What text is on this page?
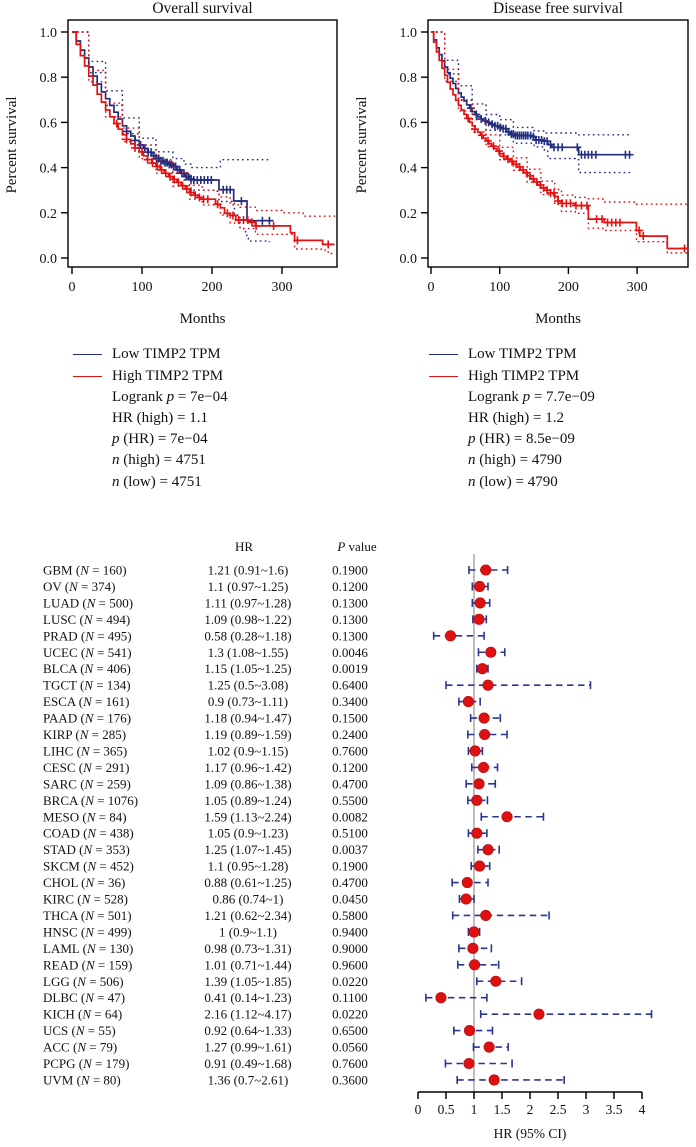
Overall survival
Months
Percent survival
1.0
0.8
0.6
0.4
0.2
0.0
0	100	200	300
Disease free survival
Months
Percent survival
1.0
0.8
0.6
0.4
0.2
0.0
0	100	200	300
Low TIMP2 TPM
High TIMP2 TPM
Logrank p = 7e−04
HR (high) = 1.1
p (HR) = 7e−04
n (high) = 4751
n (low) = 4751
Low TIMP2 TPM
High TIMP2 TPM
Logrank p = 7.7e−09
HR (high) = 1.2
p (HR) = 8.5e−09
n (high) = 4790
n (low) = 4790
HR	P value
GBM (N = 160)	1.21 (0.91~1.6)	0.1900
OV (N = 374)	1.1 (0.97~1.25)	0.1200
LUAD (N = 500)	1.11 (0.97~1.28)	0.1300
LUSC (N = 494)	1.09 (0.98~1.22)	0.1300
PRAD (N = 495)	0.58 (0.28~1.18)	0.1300
UCEC (N = 541)	1.3 (1.08~1.55)	0.0046
BLCA (N = 406)	1.15 (1.05~1.25)	0.0019
TGCT (N = 134)	1.25 (0.5~3.08)	0.6400
ESCA (N = 161)	0.9 (0.73~1.11)	0.3400
PAAD (N = 176)	1.18 (0.94~1.47)	0.1500
KIRP (N = 285)	1.19 (0.89~1.59)	0.2400
LIHC (N = 365)	1.02 (0.9~1.15)	0.7600
CESC (N = 291)	1.17 (0.96~1.42)	0.1200
SARC (N = 259)	1.09 (0.86~1.38)	0.4700
BRCA (N = 1076)	1.05 (0.89~1.24)	0.5500
MESO (N = 84)	1.59 (1.13~2.24)	0.0082
COAD (N = 438)	1.05 (0.9~1.23)	0.5100
STAD (N = 353)	1.25 (1.07~1.45)	0.0037
SKCM (N = 452)	1.1 (0.95~1.28)	0.1900
CHOL (N = 36)	0.88 (0.61~1.25)	0.4700
KIRC (N = 528)	0.86 (0.74~1)	0.0450
THCA (N = 501)	1.21 (0.62~2.34)	0.5800
HNSC (N = 499)	1 (0.9~1.1)	0.9400
LAML (N = 130)	0.98 (0.73~1.31)	0.9000
READ (N = 159)	1.01 (0.71~1.44)	0.9600
LGG (N = 506)	1.39 (1.05~1.85)	0.0220
DLBC (N = 47)	0.41 (0.14~1.23)	0.1100
KICH (N = 64)	2.16 (1.12~4.17)	0.0220
UCS (N = 55)	0.92 (0.64~1.33)	0.6500
ACC (N = 79)	1.27 (0.99~1.61)	0.0560
PCPG (N = 179)	0.91 (0.49~1.68)	0.7600
UVM (N = 80)	1.36 (0.7~2.61)	0.3600
0 0.5 1 1.5 2 2.5 3 3.5 4
HR (95% CI)
